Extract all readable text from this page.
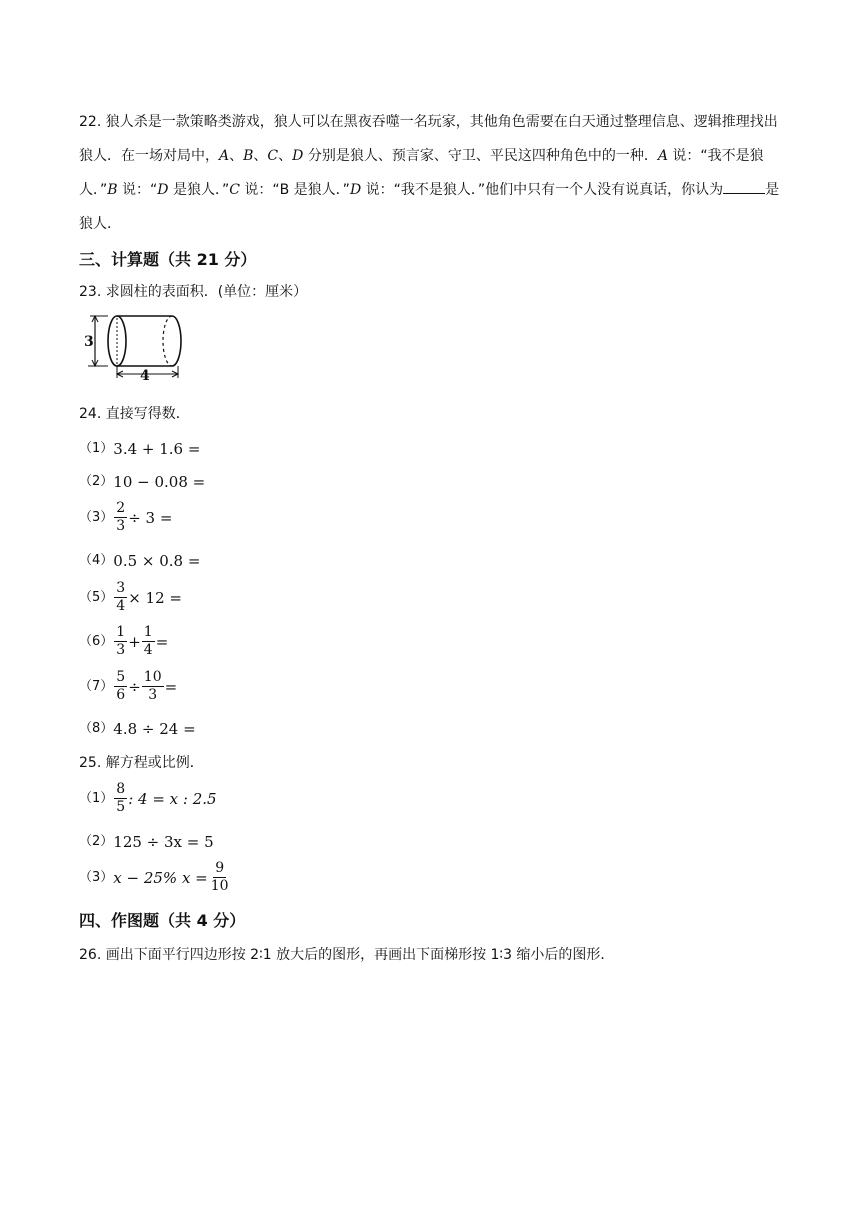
22. 狼人杀是一款策略类游戏，狼人可以在黑夜吞噬一名玩家，其他角色需要在白天通过整理信息、逻辑推理找出狼人．在一场对局中，A、B、C、D 分别是狼人、预言家、守卫、平民这四种角色中的一种．A 说：“我不是狼人．”B 说：“D 是狼人．”C 说：“B 是狼人．”D 说：“我不是狼人．”他们中只有一个人没有说真话，你认为	是狼人．
三、计算题（共 21 分）
23. 求圆柱的表面积．(单位：厘米）
3
4
24. 直接写得数．
（1） 3.4 + 1.6 =
（2） 10 − 0.08 =
$(3) \frac{2}{3} \div 3$ =
（4） 0.5 × 0.8 =
$(5) \frac{3}{4} \times 12$ =
$(6) \frac{1}{3} + \frac{1}{4}$ =
$(7) \frac{5}{6} \div \frac{10}{3}$ =
（8） 4.8 ÷ 24 =
25. 解方程或比例．
$(1) \frac{8}{5}$ : 4 = x : 2.5
（2） 125 ÷ 3x = 5
（3） x − 25% $x = \frac{9}{10}$
四、作图题（共 4 分）
26. 画出下面平行四边形按 2∶1 放大后的图形，再画出下面梯形按 1∶3 缩小后的图形．
